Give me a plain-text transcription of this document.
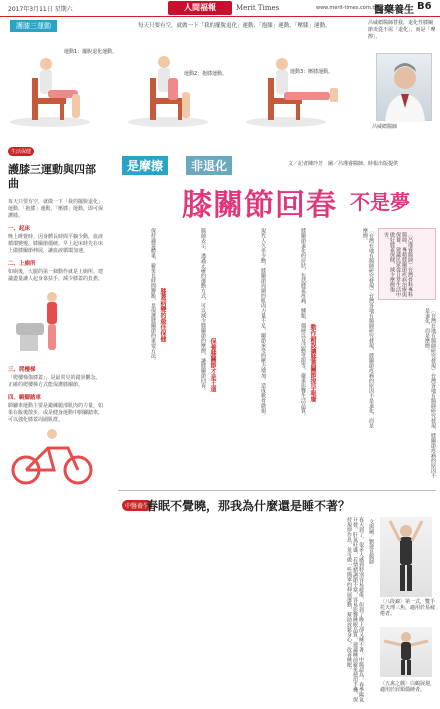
2017年3月11日 星期六	人間福報	Merit Times	www.merit-times.com.tw
醫藥養生 B6
護膝三運動	每天只要有空，就做一下「我的擺脫退化」運動、「抱膝」運動、「壓膝」運動。
運動1：擺脫退化運動。
運動2：抱膝運動。	運動3：壓膝運動。
呂威縉醫師替我，退化性膝關節炎從不需「退化」，而是「摩擦」。
呂威縉醫師
生活保健
護膝三運動與四部曲
每天只要有空，就做一下「我的擺脫退化」運動、「抱膝」運動、「壓膝」運動，即可保護膝。
一、起床
晚上睡覺時，因身體長時間平躺少動，血液循環變慢，膝關節僵硬。早上起床時先在床上做膝關節伸展，讓血液循環加速。
二、上廁所
如廁後，大腿的第一個動作就是上廁所。建議盡量讓人起身靠扶手，減少膝蓋的負擔。
三、爬樓梯
「爬樓梯傷膝蓋」，是最常見的錯誤觀念。正確的爬樓梯方式能保護膝關節。
四、騎腳踏車
騎腳車運動主要是鍛練腿部肌肉的力量，如果在飯後散步，或是健身運動中騎腳踏車，可以強化膝蓋周圍肌群。
是摩擦	非退化	文／記者陳玲芳　圖／呂瑾睿醫師、時報出版提供
膝關節回春 不是夢
〔呂瑾睿醫師〕台灣骨科專科醫師，專精膝關節疾病治療與保養。建議民眾從日常生活中做好膝蓋保健，減少摩擦傷害。
〔台灣在地有醫師研究發現〕台灣各地有醫師研究發現，膝關節疼痛的原因不是退化，而是摩擦。
動作錯誤讓膝蓋關節提早報廢
膝關節退化的症狀，包括膝蓋疼痛、腫脹、僵硬以及活動受限等，嚴重影響生活品質。
現代人久坐少動，膝關節周圍的肌肉力量不足，關節承受的壓力增加，造成軟骨磨損。
保養膝關節才是王道
醫師表示，透過正確的運動方式，可以減少膝關節的摩擦，讓膝關節回春。
膝蓋病變的最佳保健
保持適當體重，避免長時間蹲跪，是保護膝關節的重要方法。
〔台灣在地有醫師研究發現〕台灣各地有醫師研究發現，膝關節疼痛的原因不是退化，而是摩擦。
中醫養生
春眠不覺曉，那我為什麼還是睡不著？
春天到了，很多人感到特別容易疲倦，但到了晚上卻又睡不著。中醫認為，春季陽氣升發，肝氣旺盛，若情緒調節不當，容易影響睡眠品質。建議睡前避免使用手機，保持規律作息，並可做一些簡單的伸展運動，幫助放鬆身心，改善睡眠。	文與圖／劉建良醫師
〈八段錦〉第一式，雙手托天理三焦，適用於易疲倦者。
〈五禽之戲〉白鶴展翅，適用於肩頸僵硬者。
